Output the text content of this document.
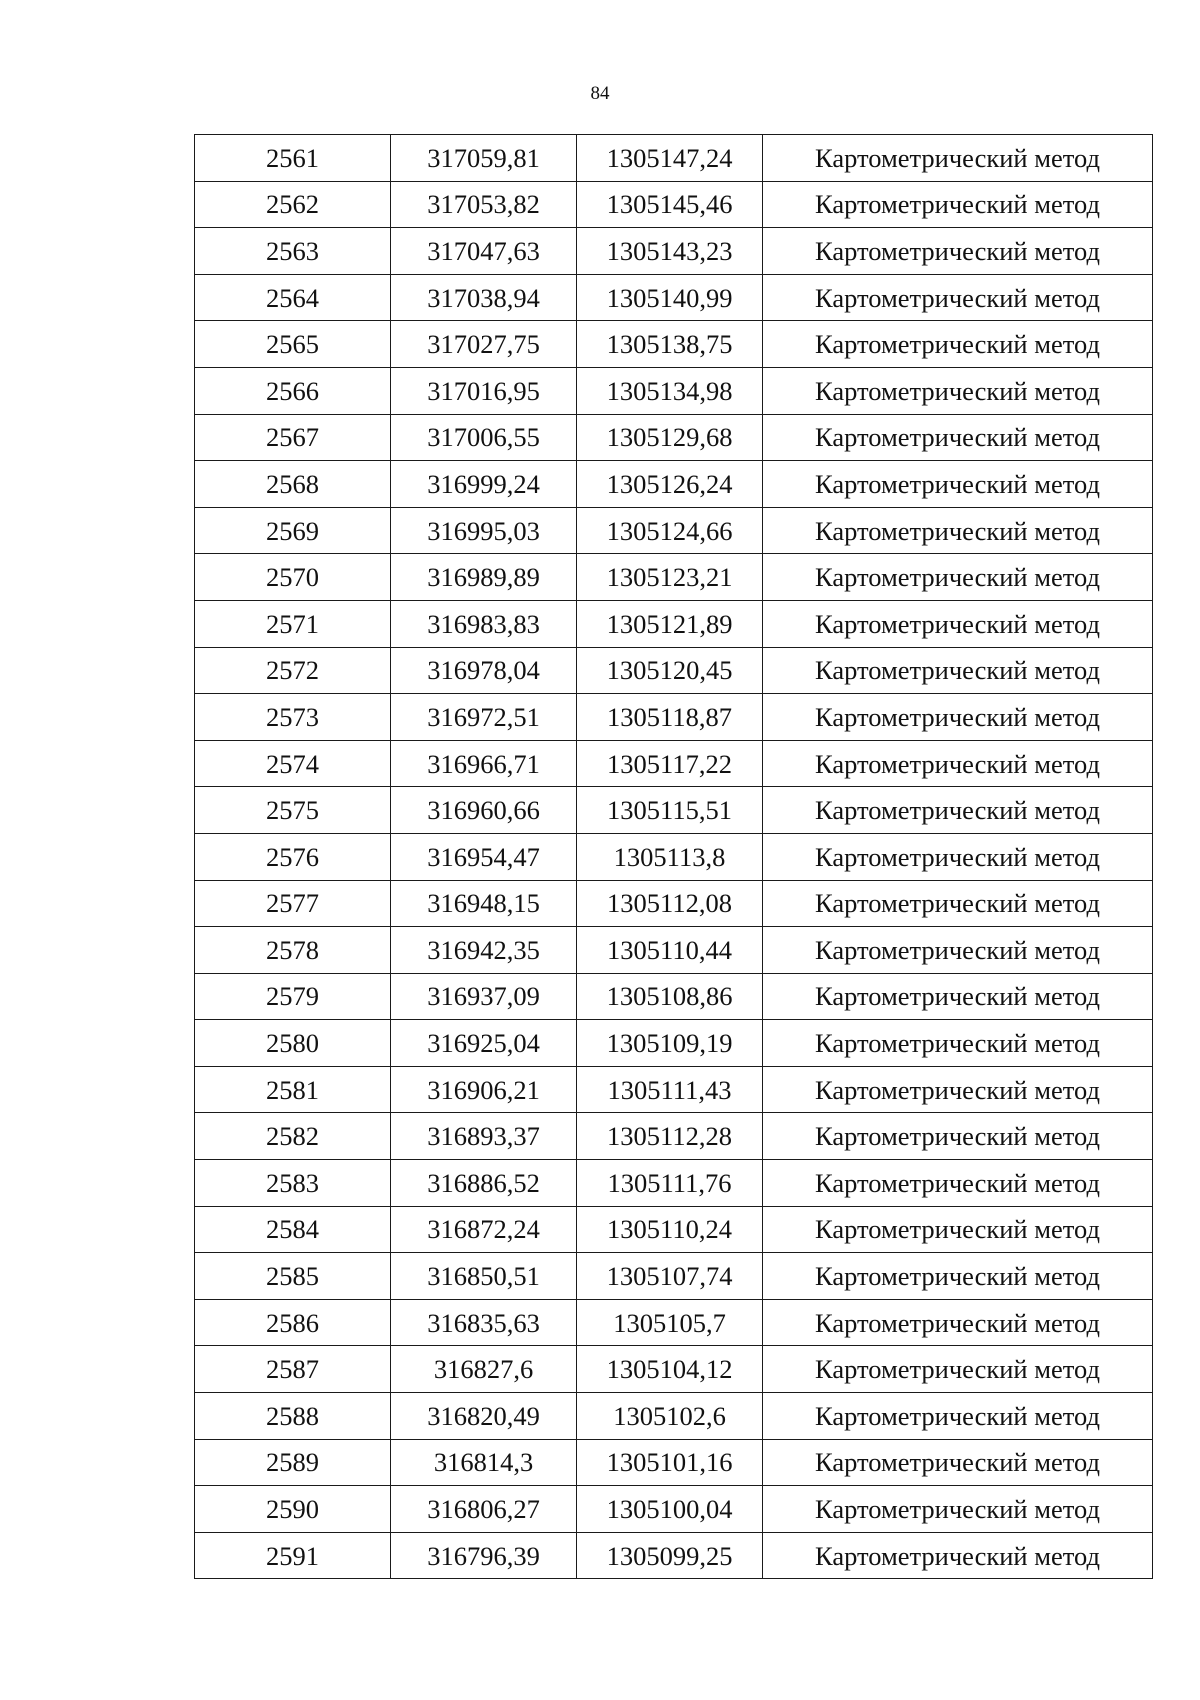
84
2561	317059,81	1305147,24	Картометрический метод
2562	317053,82	1305145,46	Картометрический метод
2563	317047,63	1305143,23	Картометрический метод
2564	317038,94	1305140,99	Картометрический метод
2565	317027,75	1305138,75	Картометрический метод
2566	317016,95	1305134,98	Картометрический метод
2567	317006,55	1305129,68	Картометрический метод
2568	316999,24	1305126,24	Картометрический метод
2569	316995,03	1305124,66	Картометрический метод
2570	316989,89	1305123,21	Картометрический метод
2571	316983,83	1305121,89	Картометрический метод
2572	316978,04	1305120,45	Картометрический метод
2573	316972,51	1305118,87	Картометрический метод
2574	316966,71	1305117,22	Картометрический метод
2575	316960,66	1305115,51	Картометрический метод
2576	316954,47	1305113,8	Картометрический метод
2577	316948,15	1305112,08	Картометрический метод
2578	316942,35	1305110,44	Картометрический метод
2579	316937,09	1305108,86	Картометрический метод
2580	316925,04	1305109,19	Картометрический метод
2581	316906,21	1305111,43	Картометрический метод
2582	316893,37	1305112,28	Картометрический метод
2583	316886,52	1305111,76	Картометрический метод
2584	316872,24	1305110,24	Картометрический метод
2585	316850,51	1305107,74	Картометрический метод
2586	316835,63	1305105,7	Картометрический метод
2587	316827,6	1305104,12	Картометрический метод
2588	316820,49	1305102,6	Картометрический метод
2589	316814,3	1305101,16	Картометрический метод
2590	316806,27	1305100,04	Картометрический метод
2591	316796,39	1305099,25	Картометрический метод
